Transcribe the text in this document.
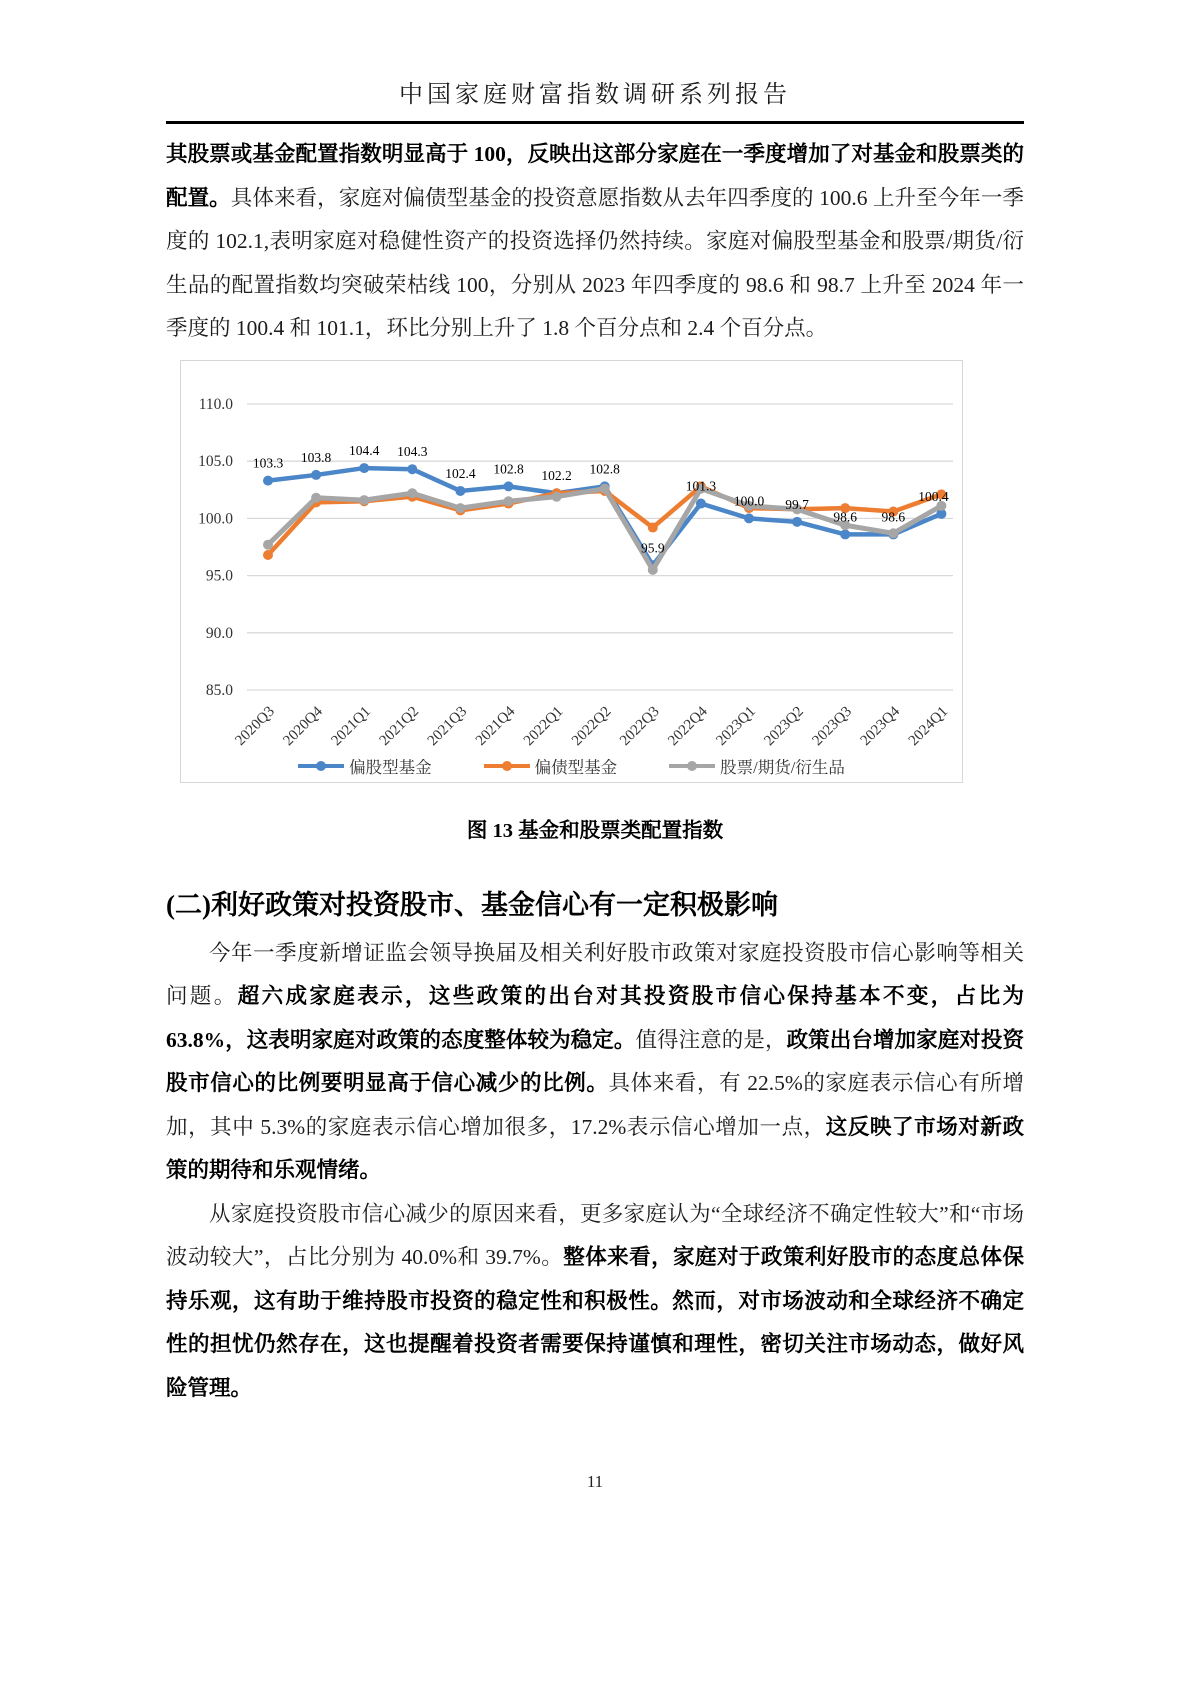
中国家庭财富指数调研系列报告

其股票或基金配置指数明显高于 100，反映出这部分家庭在一季度增加了对基金和股票类的配置。具体来看，家庭对偏债型基金的投资意愿指数从去年四季度的 100.6 上升至今年一季度的 102.1,表明家庭对稳健性资产的投资选择仍然持续。家庭对偏股型基金和股票/期货/衍生品的配置指数均突破荣枯线 100，分别从 2023 年四季度的 98.6 和 98.7 上升至 2024 年一季度的 100.4 和 101.1，环比分别上升了 1.8 个百分点和 2.4 个百分点。

110.0
105.0
100.0
95.0
90.0
85.0
2020Q3 2020Q4 2021Q1 2021Q2 2021Q3 2021Q4 2022Q1 2022Q2 2022Q3 2022Q4 2023Q1 2023Q2 2023Q3 2023Q4 2024Q1
103.3 103.8 104.4 104.3
102.4 102.8 102.2 102.8
95.9
101.3
100.0 99.7
98.6 98.6
100.4
偏股型基金	偏债型基金	股票/期货/衍生品
图 13 基金和股票类配置指数
(二)利好政策对投资股市、基金信心有一定积极影响

今年一季度新增证监会领导换届及相关利好股市政策对家庭投资股市信心影响等相关问题。超六成家庭表示，这些政策的出台对其投资股市信心保持基本不变，占比为 63.8%，这表明家庭对政策的态度整体较为稳定。值得注意的是，政策出台增加家庭对投资股市信心的比例要明显高于信心减少的比例。具体来看，有 22.5%的家庭表示信心有所增加，其中 5.3%的家庭表示信心增加很多，17.2%表示信心增加一点，这反映了市场对新政策的期待和乐观情绪。

从家庭投资股市信心减少的原因来看，更多家庭认为“全球经济不确定性较大”和“市场波动较大”，占比分别为 40.0%和 39.7%。整体来看，家庭对于政策利好股市的态度总体保持乐观，这有助于维持股市投资的稳定性和积极性。然而，对市场波动和全球经济不确定性的担忧仍然存在，这也提醒着投资者需要保持谨慎和理性，密切关注市场动态，做好风险管理。

11
